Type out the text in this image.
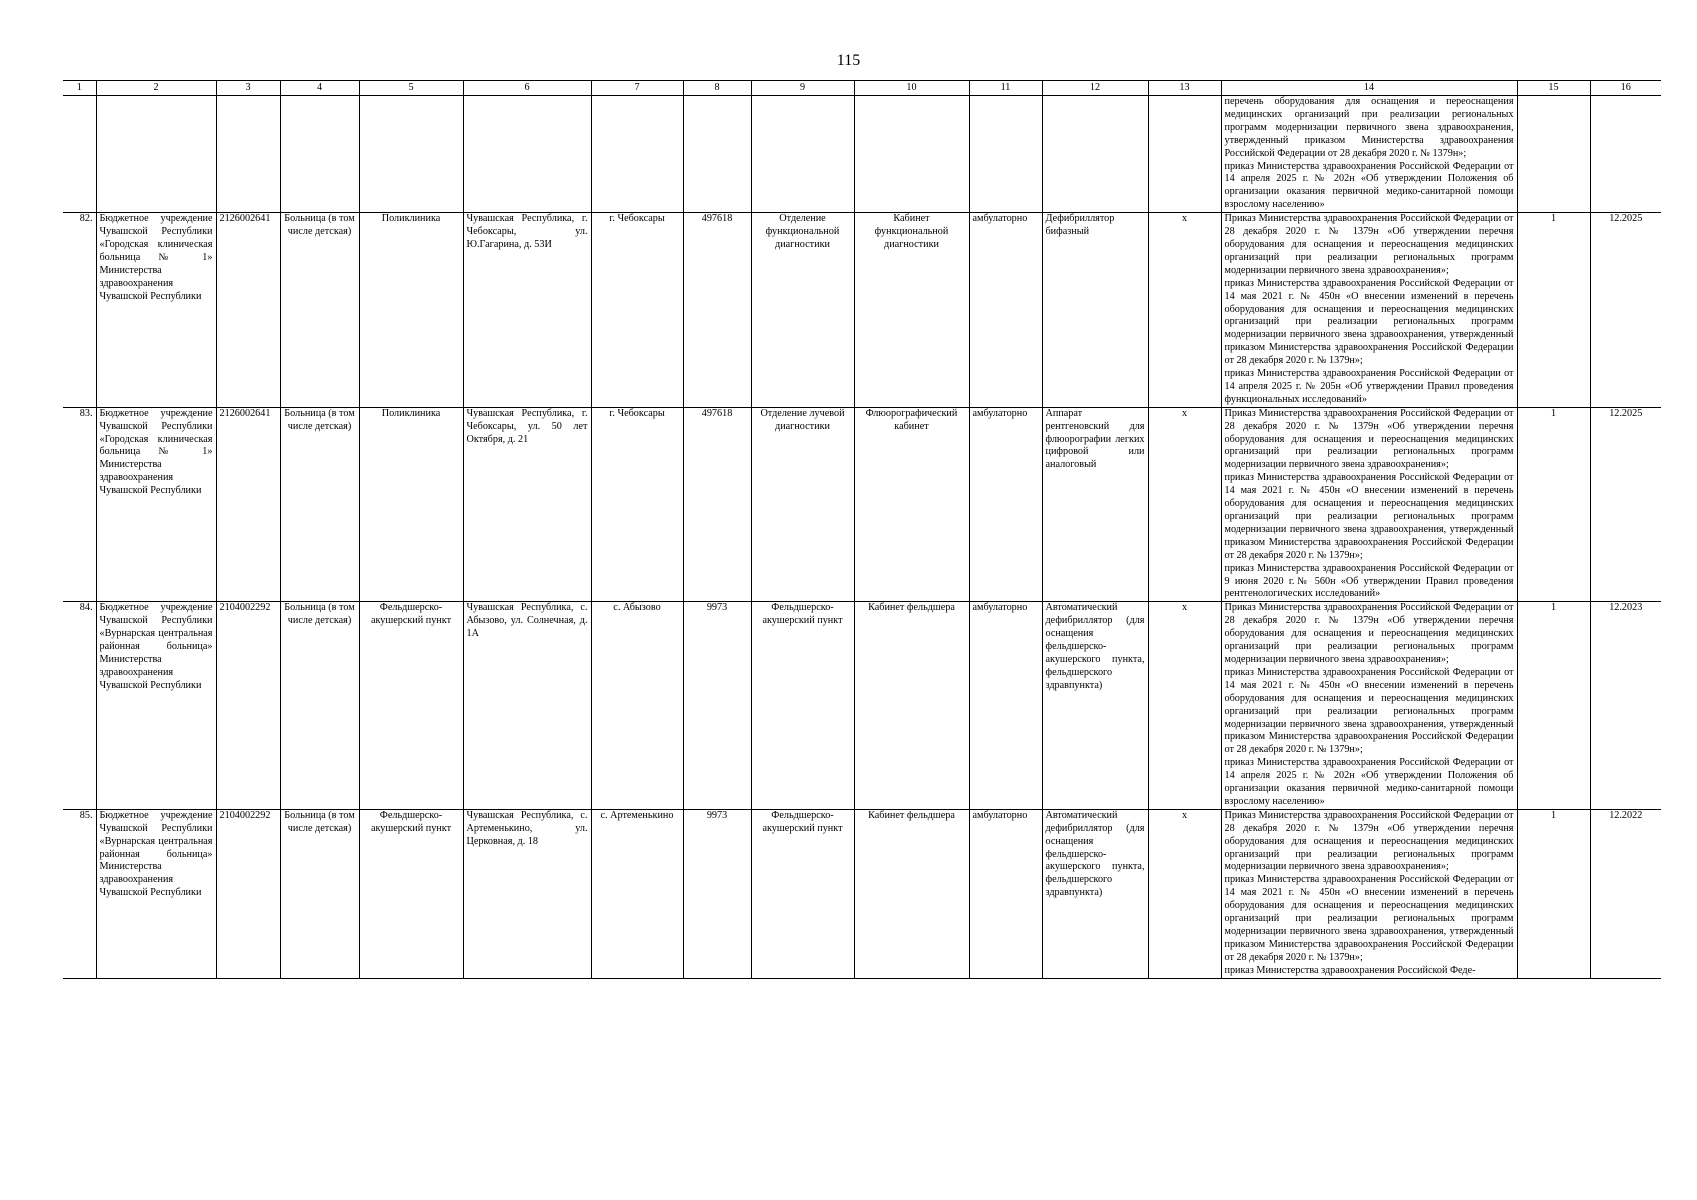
115
1	2	3	4	5	6	7	8	9	10	11	12	13	14	15	16
													перечень оборудования для оснащения и переоснащения медицинских организаций при реализации региональных программ модернизации первичного звена здравоохранения, утвержденный приказом Министерства здравоохранения Российской Федерации от 28 декабря 2020 г. № 1379н»;
приказ Министерства здравоохранения Российской Федерации от 14 апреля 2025 г. № 202н «Об утверждении Положения об организации оказания первичной медико-санитарной помощи взрослому населению»		
82.	Бюджетное учреждение Чувашской Республики «Городская клиническая больница № 1» Министерства здравоохранения Чувашской Республики	2126002641	Больница (в том числе детская)	Поликлиника	Чувашская Республика, г. Чебоксары, ул. Ю.Гагарина, д. 53И	г. Чебоксары	497618	Отделение функциональной диагностики	Кабинет функциональной диагностики	амбулаторно	Дефибриллятор бифазный	x	Приказ Министерства здравоохранения Российской Федерации от 28 декабря 2020 г. № 1379н «Об утверждении перечня оборудования для оснащения и переоснащения медицинских организаций при реализации региональных программ модернизации первичного звена здравоохранения»;
приказ Министерства здравоохранения Российской Федерации от 14 мая 2021 г. № 450н «О внесении изменений в перечень оборудования для оснащения и переоснащения медицинских организаций при реализации региональных программ модернизации первичного звена здравоохранения, утвержденный приказом Министерства здравоохранения Российской Федерации от 28 декабря 2020 г. № 1379н»;
приказ Министерства здравоохранения Российской Федерации от 14 апреля 2025 г. № 205н «Об утверждении Правил проведения функциональных исследований»	1	12.2025
83.	Бюджетное учреждение Чувашской Республики «Городская клиническая больница № 1» Министерства здравоохранения Чувашской Республики	2126002641	Больница (в том числе детская)	Поликлиника	Чувашская Республика, г. Чебоксары, ул. 50 лет Октября, д. 21	г. Чебоксары	497618	Отделение лучевой диагностики	Флюорографический кабинет	амбулаторно	Аппарат рентгеновский для флюорографии легких цифровой или аналоговый	x	Приказ Министерства здравоохранения Российской Федерации от 28 декабря 2020 г. № 1379н «Об утверждении перечня оборудования для оснащения и переоснащения медицинских организаций при реализации региональных программ модернизации первичного звена здравоохранения»;
приказ Министерства здравоохранения Российской Федерации от 14 мая 2021 г. № 450н «О внесении изменений в перечень оборудования для оснащения и переоснащения медицинских организаций при реализации региональных программ модернизации первичного звена здравоохранения, утвержденный приказом Министерства здравоохранения Российской Федерации от 28 декабря 2020 г. № 1379н»;
приказ Министерства здравоохранения Российской Федерации от 9 июня 2020 г.№ 560н «Об утверждении Правил проведения рентгенологических исследований»	1	12.2025
84.	Бюджетное учреждение Чувашской Республики «Вурнарская центральная районная больница» Министерства здравоохранения Чувашской Республики	2104002292	Больница (в том числе детская)	Фельдшерско-акушерский пункт	Чувашская Республика, с. Абызово, ул. Солнечная, д. 1А	с. Абызово	9973	Фельдшерско-акушерский пункт	Кабинет фельдшера	амбулаторно	Автоматический дефибриллятор (для оснащения фельдшерско-акушерского пункта, фельдшерского здравпункта)	x	Приказ Министерства здравоохранения Российской Федерации от 28 декабря 2020 г. № 1379н «Об утверждении перечня оборудования для оснащения и переоснащения медицинских организаций при реализации региональных программ модернизации первичного звена здравоохранения»;
приказ Министерства здравоохранения Российской Федерации от 14 мая 2021 г. № 450н «О внесении изменений в перечень оборудования для оснащения и переоснащения медицинских организаций при реализации региональных программ модернизации первичного звена здравоохранения, утвержденный приказом Министерства здравоохранения Российской Федерации от 28 декабря 2020 г. № 1379н»;
приказ Министерства здравоохранения Российской Федерации от 14 апреля 2025 г. № 202н «Об утверждении Положения об организации оказания первичной медико-санитарной помощи взрослому населению»	1	12.2023
85.	Бюджетное учреждение Чувашской Республики «Вурнарская центральная районная больница» Министерства здравоохранения Чувашской Республики	2104002292	Больница (в том числе детская)	Фельдшерско-акушерский пункт	Чувашская Республика, с. Артеменькино, ул. Церковная, д. 18	с. Артеменькино	9973	Фельдшерско-акушерский пункт	Кабинет фельдшера	амбулаторно	Автоматический дефибриллятор (для оснащения фельдшерско-акушерского пункта, фельдшерского здравпункта)	x	Приказ Министерства здравоохранения Российской Федерации от 28 декабря 2020 г. № 1379н «Об утверждении перечня оборудования для оснащения и переоснащения медицинских организаций при реализации региональных программ модернизации первичного звена здравоохранения»;
приказ Министерства здравоохранения Российской Федерации от 14 мая 2021 г. № 450н «О внесении изменений в перечень оборудования для оснащения и переоснащения медицинских организаций при реализации региональных программ модернизации первичного звена здравоохранения, утвержденный приказом Министерства здравоохранения Российской Федерации от 28 декабря 2020 г. № 1379н»;
приказ Министерства здравоохранения Российской Феде-	1	12.2022
